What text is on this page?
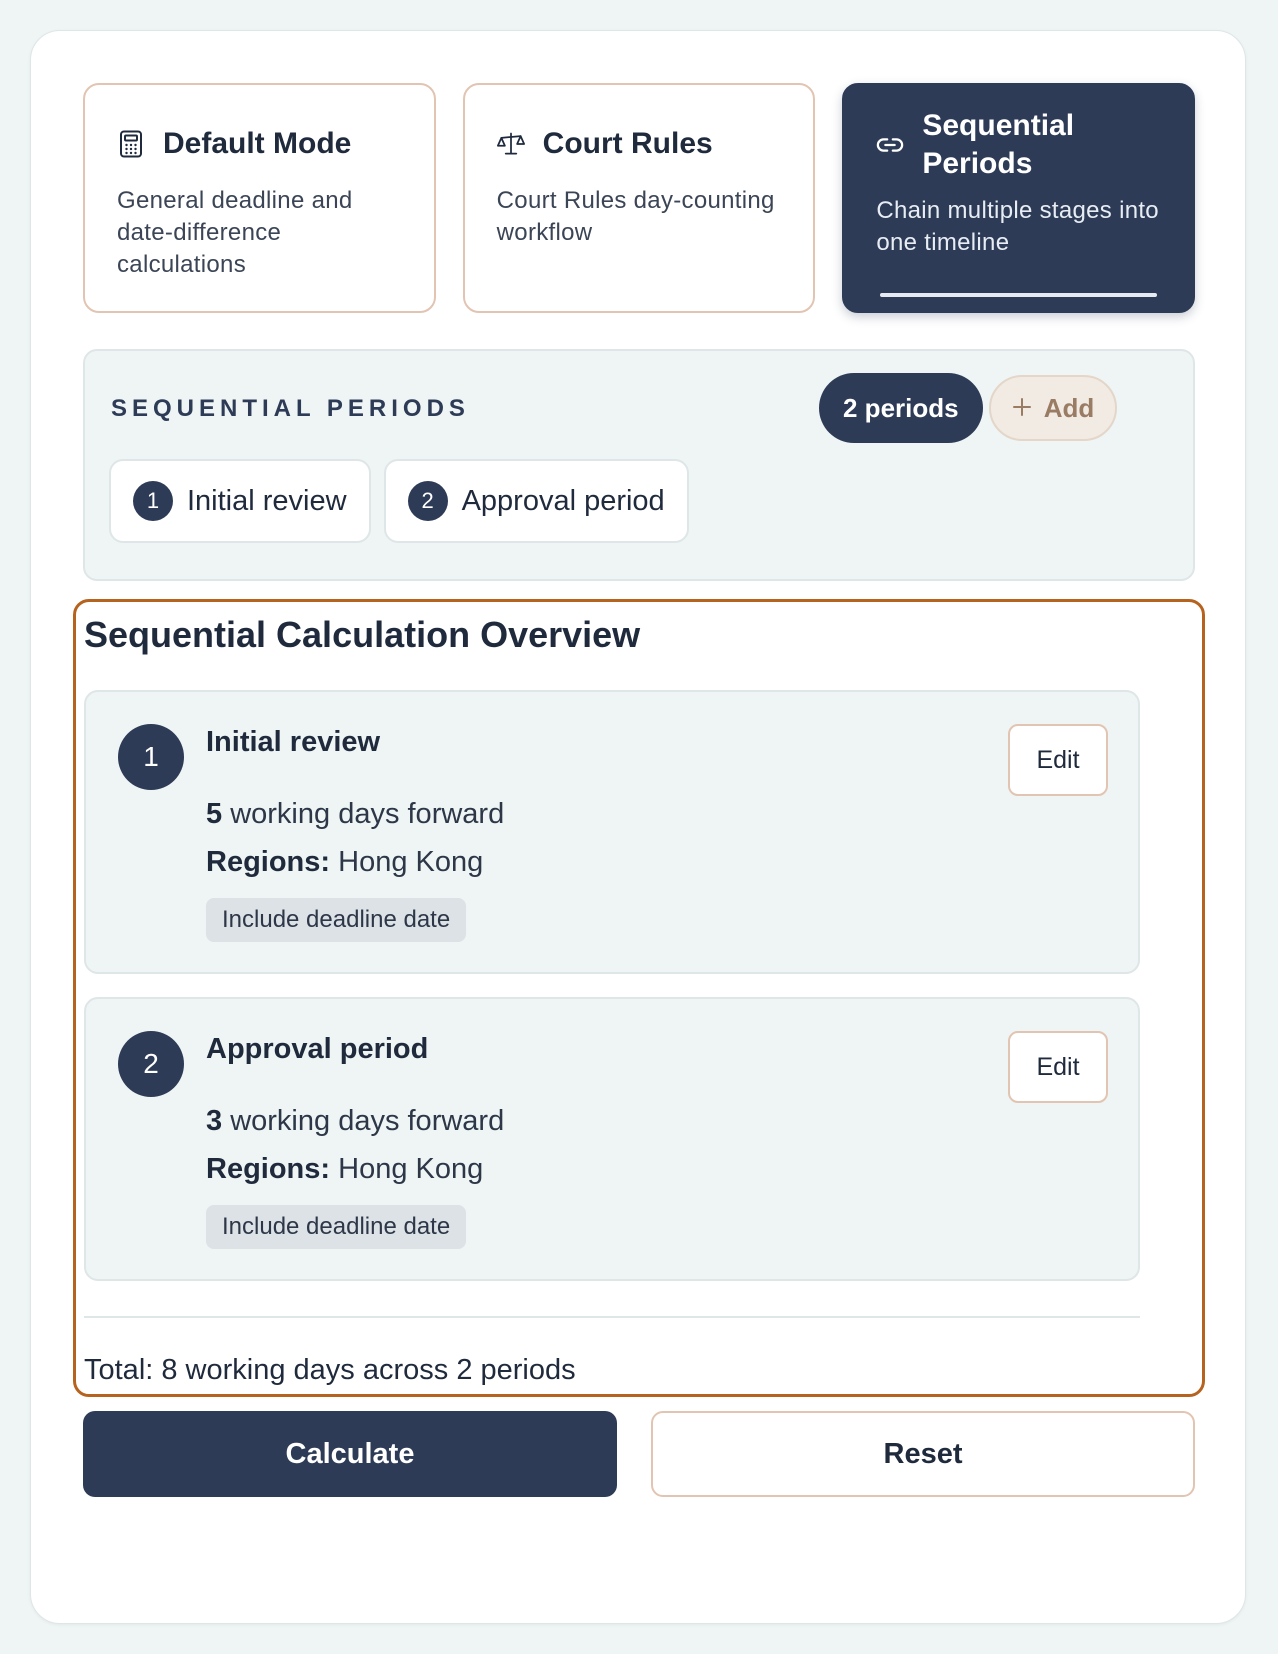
Default Mode
General deadline and date-difference calculations
Court Rules
Court Rules day-counting workflow
Sequential Periods
Chain multiple stages into one timeline
SEQUENTIAL PERIODS	2 periods	Add
1 Initial review	2 Approval period
Sequential Calculation Overview
1	Initial review
5 working days forward
Regions: Hong Kong
Include deadline date
Edit
2	Approval period
3 working days forward
Regions: Hong Kong
Include deadline date
Edit
Total: 8 working days across 2 periods
Calculate	Reset
